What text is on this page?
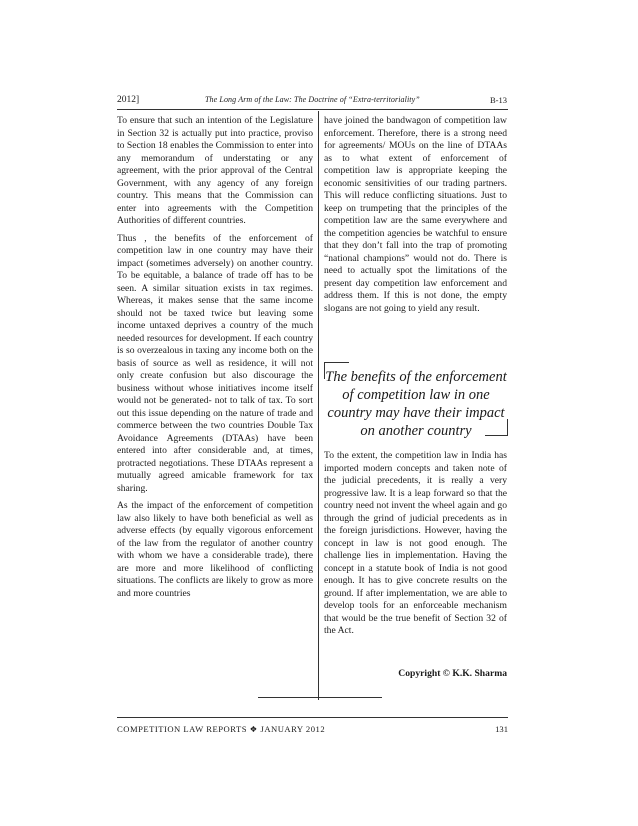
2012]	The Long Arm of the Law: The Doctrine of “Extra-territoriality”	B-13

To ensure that such an intention of the Legislature in Section 32 is actually put into practice, proviso to Section 18 enables the Commission to enter into any memorandum of understating or any agreement, with the prior approval of the Central Government, with any agency of any foreign country. This means that the Commission can enter into agreements with the Competition Authorities of different countries.

Thus , the benefits of the enforcement of competition law in one country may have their impact (sometimes adversely) on another country. To be equitable, a balance of trade off has to be seen. A similar situation exists in tax regimes. Whereas, it makes sense that the same income should not be taxed twice but leaving some income untaxed deprives a country of the much needed resources for development. If each country is so overzealous in taxing any income both on the basis of source as well as residence, it will not only create confusion but also discourage the business without whose initiatives income itself would not be generated- not to talk of tax. To sort out this issue depending on the nature of trade and commerce between the two countries Double Tax Avoidance Agreements (DTAAs) have been entered into after considerable and, at times, protracted negotiations. These DTAAs represent a mutually agreed amicable framework for tax sharing.

As the impact of the enforcement of competition law also likely to have both beneficial as well as adverse effects (by equally vigorous enforcement of the law from the regulator of another country with whom we have a considerable trade), there are more and more likelihood of conflicting situations. The conflicts are likely to grow as more and more countries

have joined the bandwagon of competition law enforcement. Therefore, there is a strong need for agreements/ MOUs on the line of DTAAs as to what extent of enforcement of competition law is appropriate keeping the economic sensitivities of our trading partners. This will reduce conflicting situations. Just to keep on trumpeting that the principles of the competition law are the same everywhere and the competition agencies be watchful to ensure that they don’t fall into the trap of promoting “national champions” would not do. There is need to actually spot the limitations of the present day competition law enforcement and address them. If this is not done, the empty slogans are not going to yield any result.

The benefits of the enforcement
of competition law in one
country may have their impact
on another country

To the extent, the competition law in India has imported modern concepts and taken note of the judicial precedents, it is really a very progressive law. It is a leap forward so that the country need not invent the wheel again and go through the grind of judicial precedents as in the foreign jurisdictions. However, having the concept in law is not good enough. The challenge lies in implementation. Having the concept in a statute book of India is not good enough. It has to give concrete results on the ground. If after implementation, we are able to develop tools for an enforceable mechanism that would be the true benefit of Section 32 of the Act.

Copyright © K.K. Sharma
COMPETITION LAW REPORTS ❖ JANUARY 2012	131
